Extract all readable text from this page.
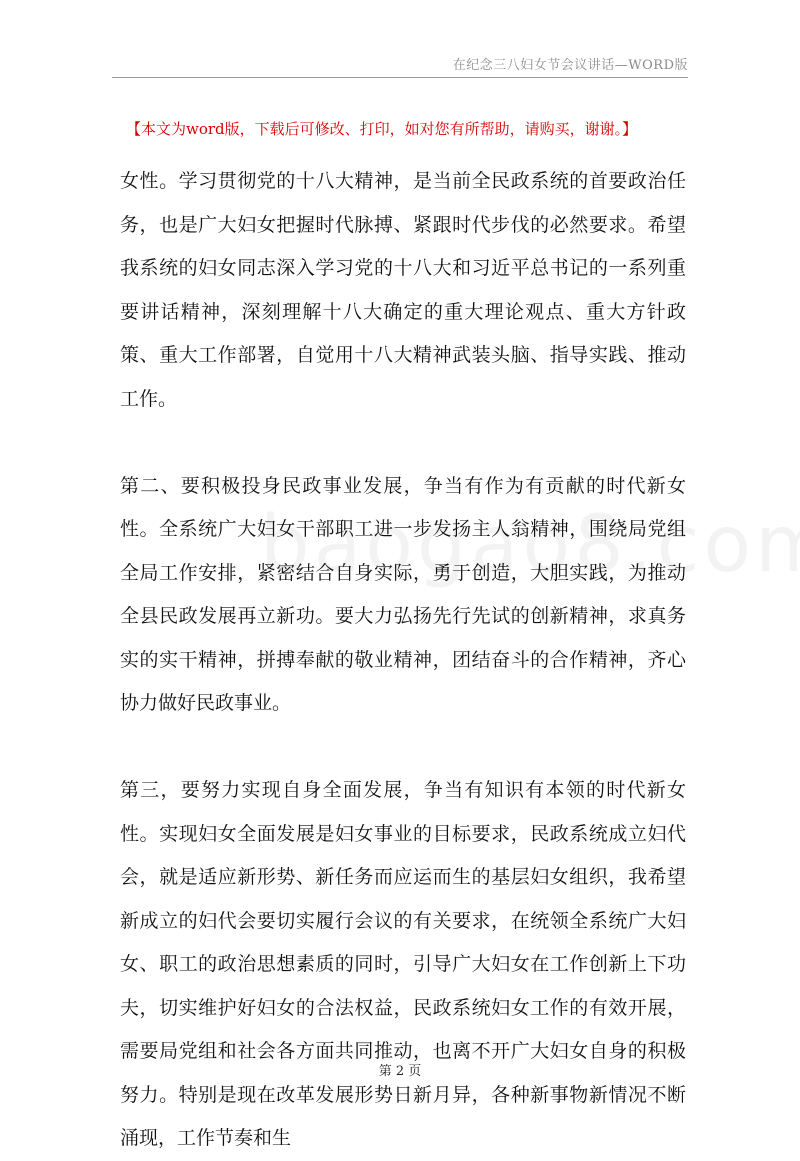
在纪念三八妇女节会议讲话—WORD版
【本文为word版，下载后可修改、打印，如对您有所帮助，请购买，谢谢。】

女性。学习贯彻党的十八大精神，是当前全民政系统的首要政治任务，也是广大妇女把握时代脉搏、紧跟时代步伐的必然要求。希望我系统的妇女同志深入学习党的十八大和习近平总书记的一系列重要讲话精神，深刻理解十八大确定的重大理论观点、重大方针政策、重大工作部署，自觉用十八大精神武装头脑、指导实践、推动工作。

第二、要积极投身民政事业发展，争当有作为有贡献的时代新女性。全系统广大妇女干部职工进一步发扬主人翁精神，围绕局党组全局工作安排，紧密结合自身实际，勇于创造，大胆实践，为推动全县民政发展再立新功。要大力弘扬先行先试的创新精神，求真务实的实干精神，拼搏奉献的敬业精神，团结奋斗的合作精神，齐心协力做好民政事业。

第三，要努力实现自身全面发展，争当有知识有本领的时代新女性。实现妇女全面发展是妇女事业的目标要求，民政系统成立妇代会，就是适应新形势、新任务而应运而生的基层妇女组织，我希望新成立的妇代会要切实履行会议的有关要求，在统领全系统广大妇女、职工的政治思想素质的同时，引导广大妇女在工作创新上下功夫，切实维护好妇女的合法权益，民政系统妇女工作的有效开展，需要局党组和社会各方面共同推动，也离不开广大妇女自身的积极努力。特别是现在改革发展形势日新月异，各种新事物新情况不断涌现，工作节奏和生

第 2 页
